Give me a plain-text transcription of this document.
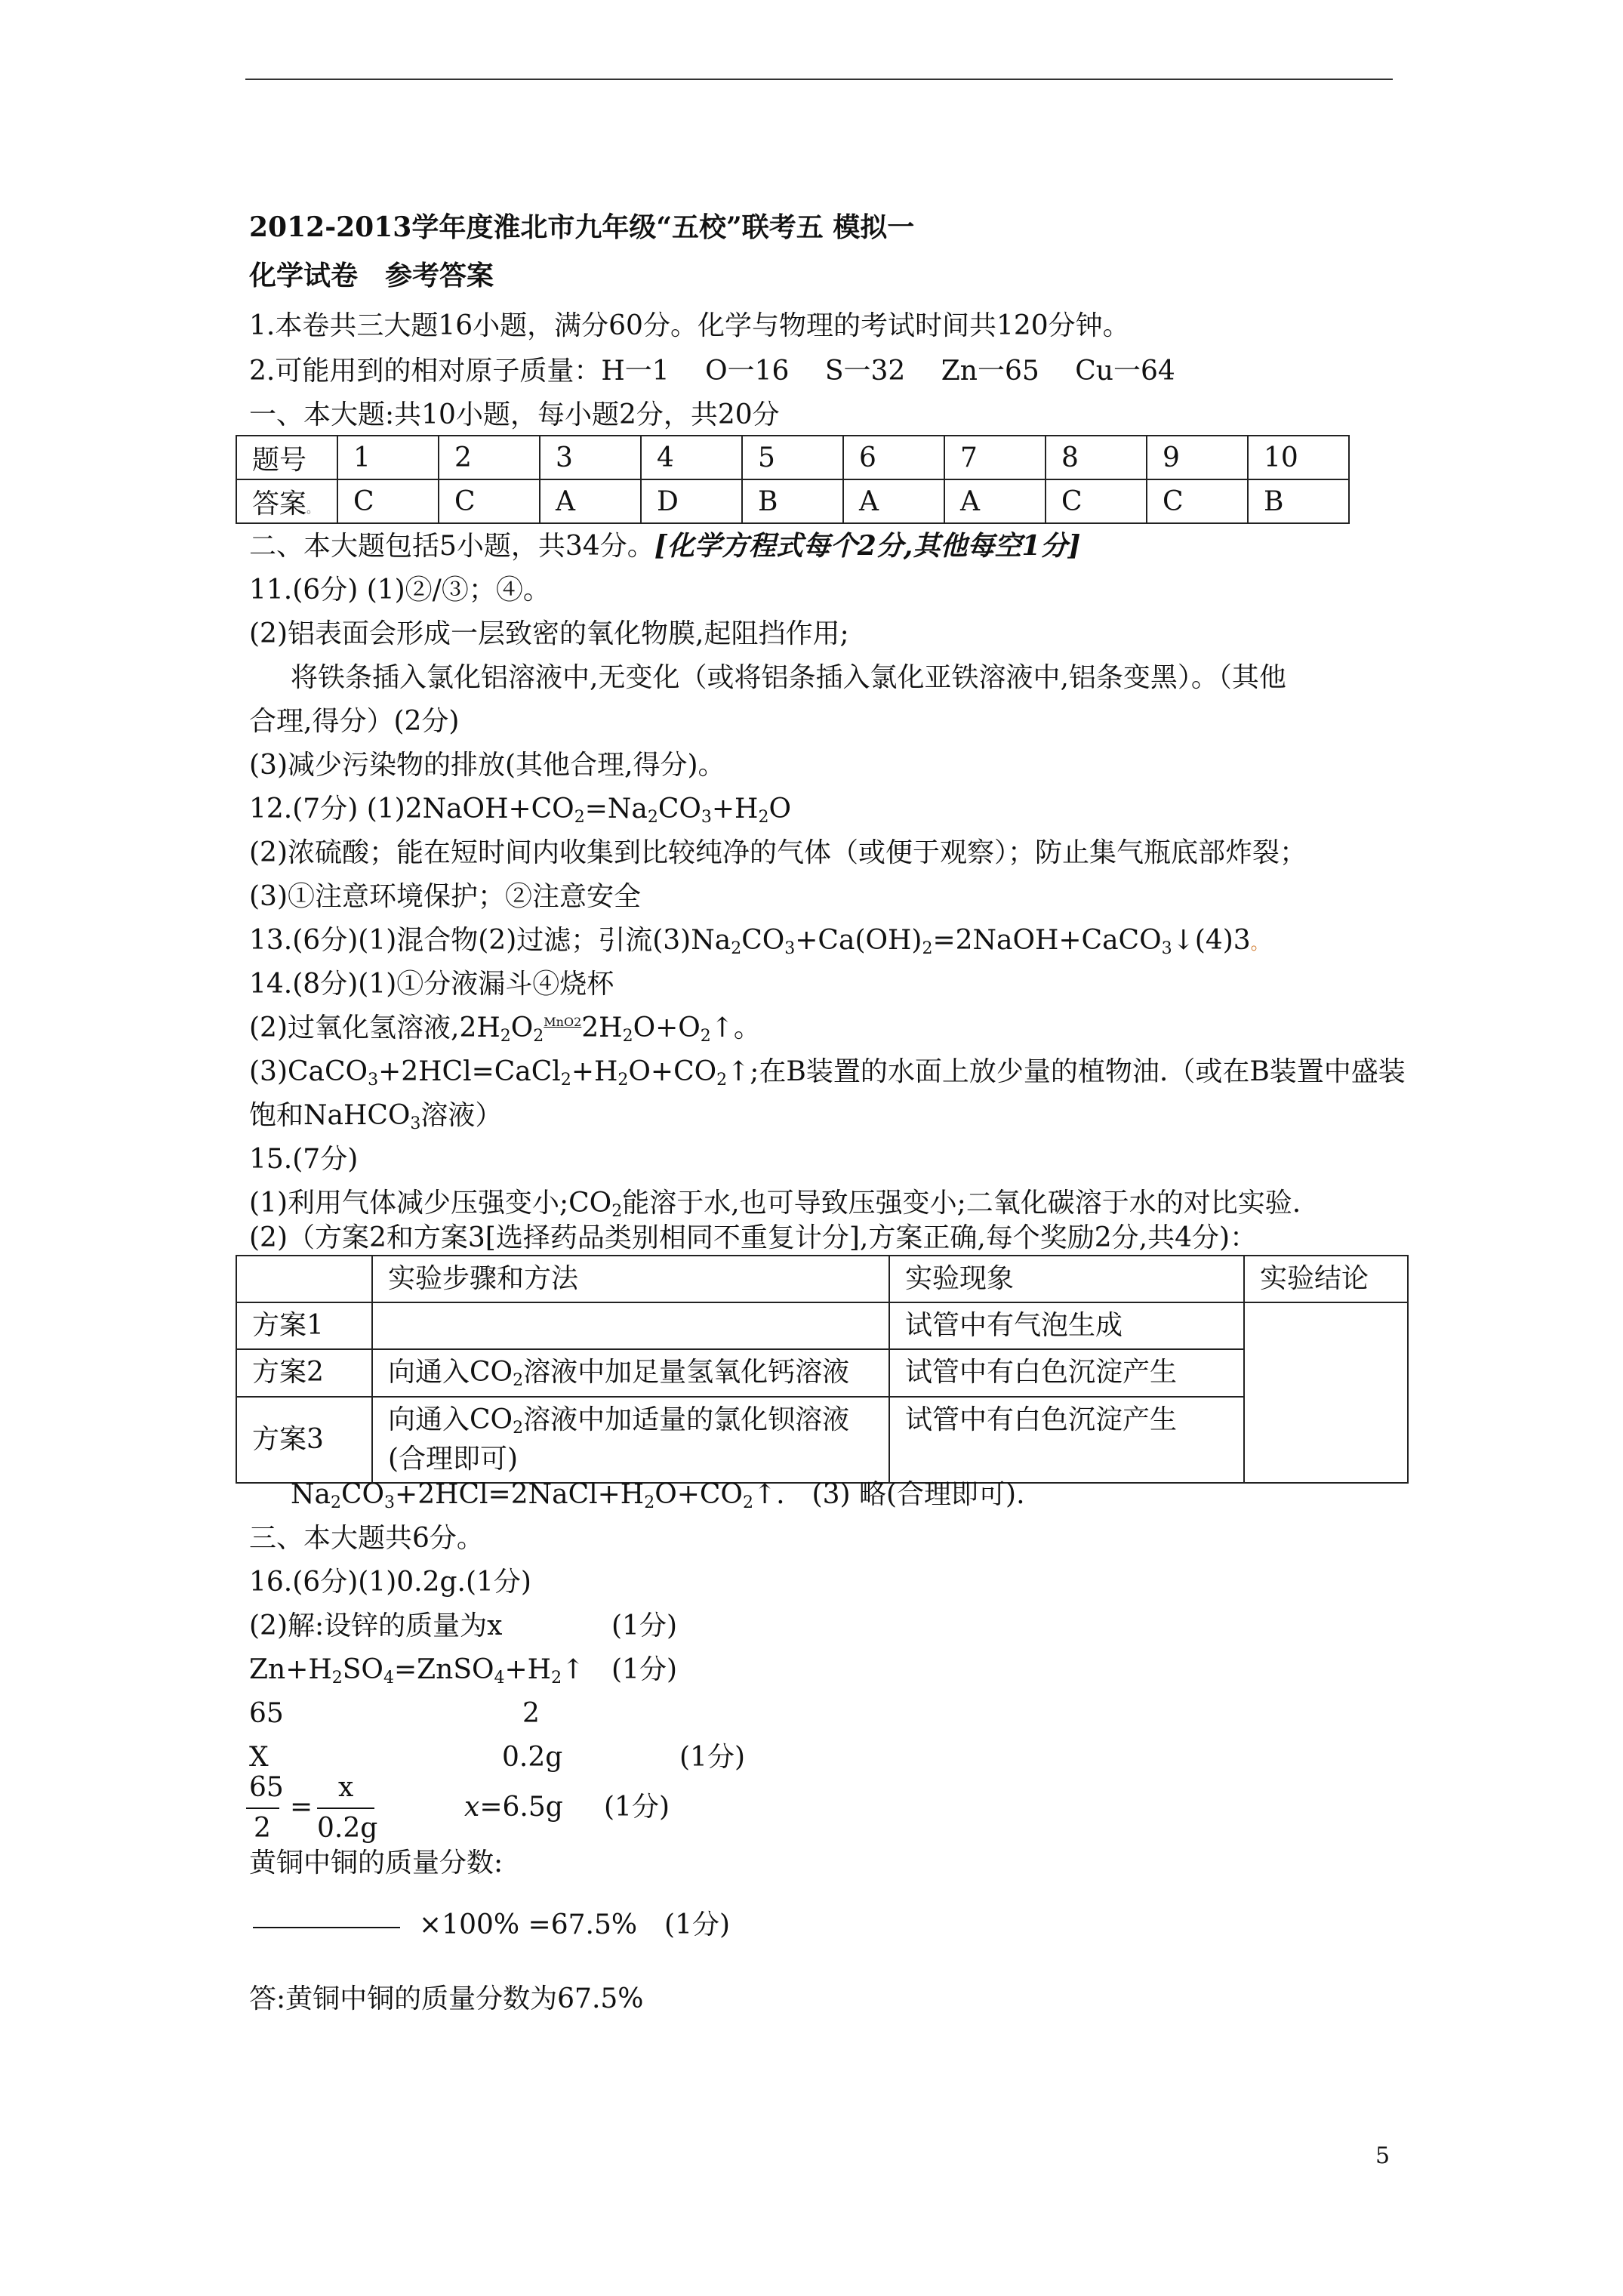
2012-2013学年度淮北市九年级“五校”联考五 模拟一
化学试卷　参考答案
1.本卷共三大题16小题，满分60分。化学与物理的考试时间共120分钟。
2.可能用到的相对原子质量：H一1　 O一16　 S一32　 Zn一65　 Cu一64
一、本大题:共10小题，每小题2分，共20分
题号	1	2	3	4	5	6	7	8	9	10
答案。	C	C	A	D	B	A	A	C	C	B
二、本大题包括5小题，共34分。[化学方程式每个2分,其他每空1分]
11.(6分) (1)②/③；④。
(2)铝表面会形成一层致密的氧化物膜,起阻挡作用;
将铁条插入氯化铝溶液中,无变化（或将铝条插入氯化亚铁溶液中,铝条变黑）。（其他
合理,得分）(2分)
(3)减少污染物的排放(其他合理,得分)。
12.(7分) $(1)2NaOH+CO_2=Na_2CO_3+H_2O$
(2)浓硫酸；能在短时间内收集到比较纯净的气体（或便于观察）；防止集气瓶底部炸裂；
(3)①注意环境保护；②注意安全
13.(6分)(1)混合物(2)过滤；引流$(3)Na_2CO_3+Ca(OH)_2=2NaOH+CaCO_3↓(4)3$。
14.(8分)(1)①分液漏斗④烧杯
(2)过氧化氢溶液$,2H_2O_2^{MnO2}2H_2O+O_2↑$。
$(3)CaCO_3+2HCl=CaCl_2+H_2O+CO_2↑$;在B装置的水面上放少量的植物油.（或在B装置中盛装
饱和NaHCO$_3$溶液）
15.(7分)
(1)利用气体减少压强变小$;CO_2$能溶于水,也可导致压强变小;二氧化碳溶于水的对比实验.
(2)（方案2和方案3[选择药品类别相同不重复计分],方案正确,每个奖励2分,共4分)：
	实验步骤和方法	实验现象	实验结论
方案1		试管中有气泡生成	
方案2	向通入$CO_2$溶液中加足量氢氧化钙溶液	试管中有白色沉淀产生	
方案3	向通入$CO_2$溶液中加适量的氯化钡溶液
(合理即可)	试管中有白色沉淀产生	
$Na_2CO_3+2HCl=2NaCl+H_2O+CO_2↑$.　(3) 略(合理即可).
三、本大题共6分。
16.(6分)(1)0.2g.(1分)
(2)解:设锌的质量为x	(1分)
$Zn+H_2SO_4=ZnSO_4+H_2↑$ (1分)
65	2
X	0.2g	(1分)
65
2
=
x
0.2g
x=6.5g (1分)
黄铜中铜的质量分数:
×100% =67.5%　(1分)
答:黄铜中铜的质量分数为67.5%
5
